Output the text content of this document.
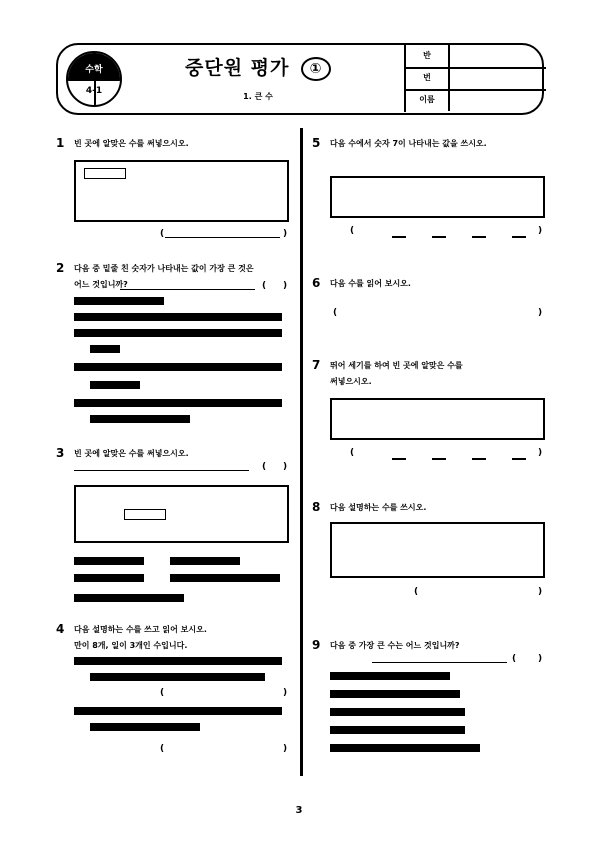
수학
4-1
중단원 평가 ①
1. 큰 수
반
번
이름
1 빈 곳에 알맞은 수를 써넣으시오.
(	)
2 다음 중 밑줄 친 숫자가 나타내는 값이 가장 큰 것은
어느 것입니까?	( )
3 빈 곳에 알맞은 수를 써넣으시오.
( )
4 다음 설명하는 수를 쓰고 읽어 보시오.
만이 8개, 일이 3개인 수입니다.
(	)
(	)
5 다음 수에서 숫자 7이 나타내는 값을 쓰시오.
(	)
6 다음 수를 읽어 보시오.
(	)
7 뛰어 세기를 하여 빈 곳에 알맞은 수를
써넣으시오.
(	)
8 다음 설명하는 수를 쓰시오.
(	)
9 다음 중 가장 큰 수는 어느 것입니까?
( )
3
